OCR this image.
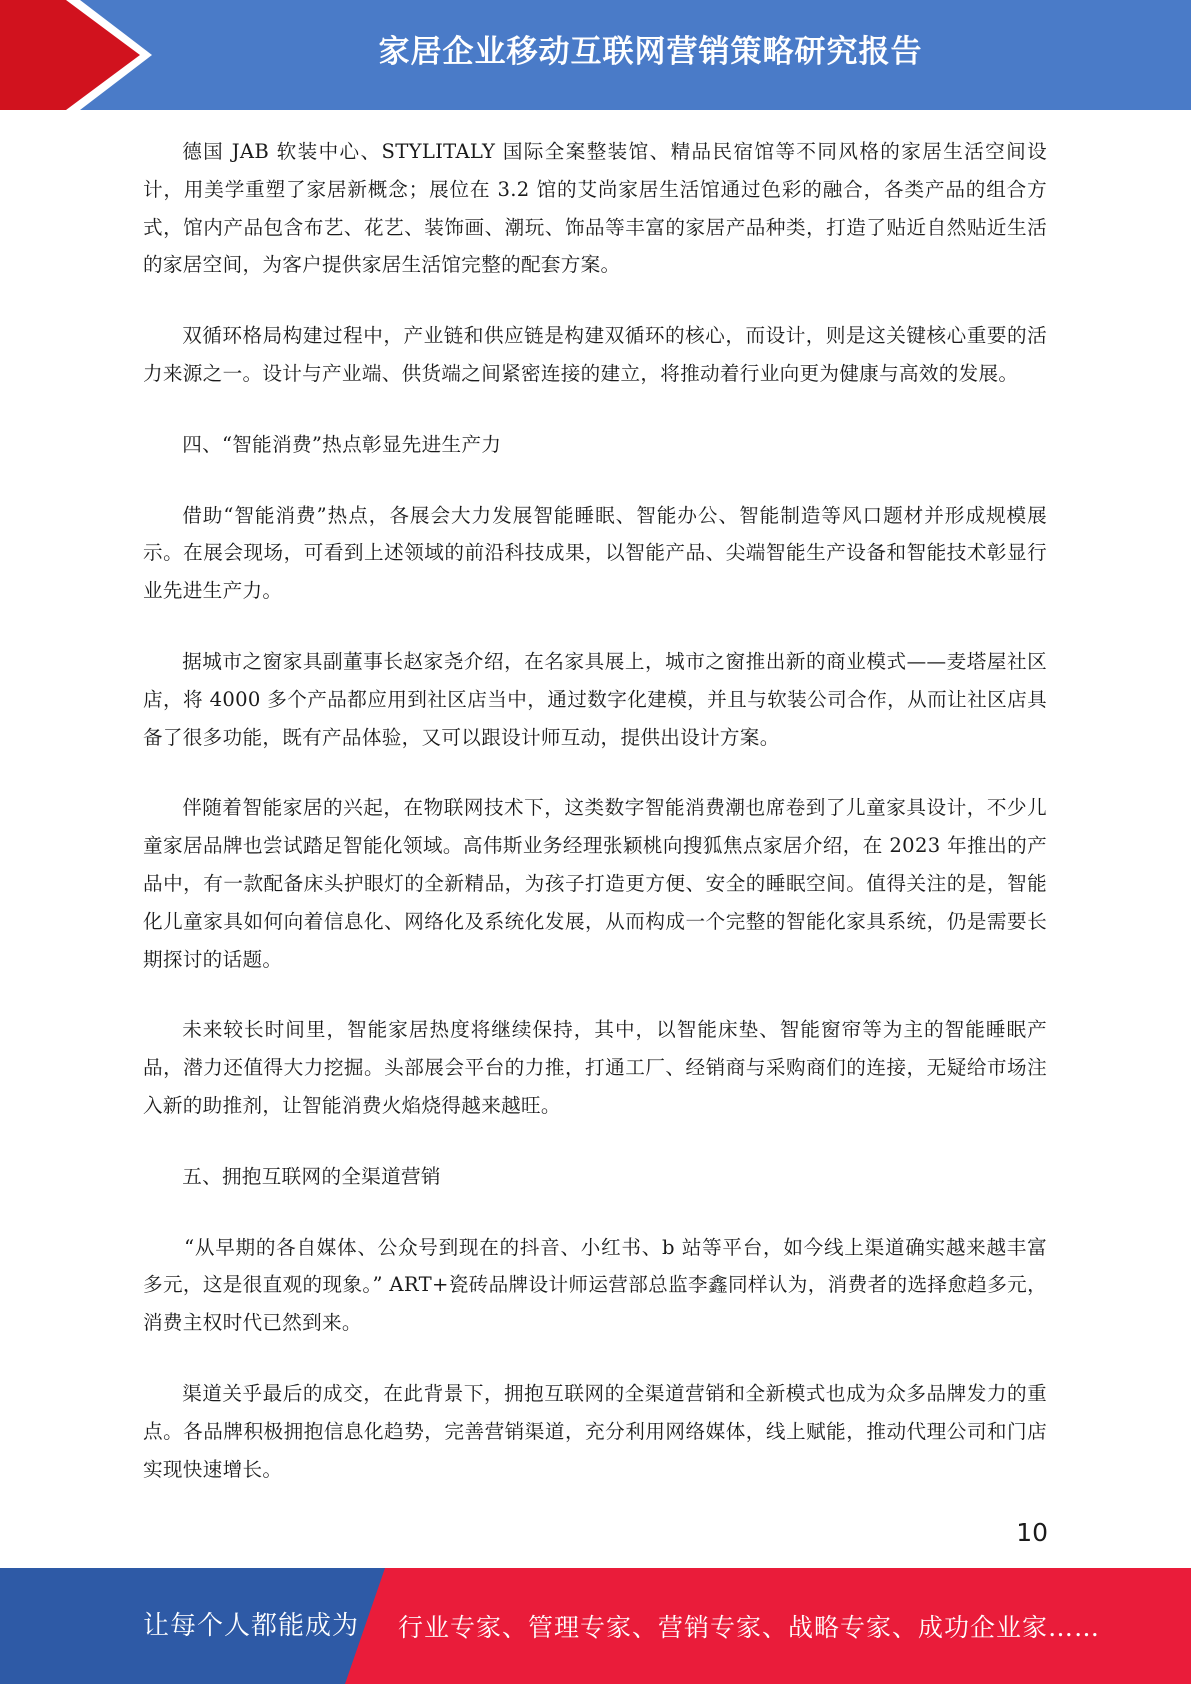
家居企业移动互联网营销策略研究报告

德国 JAB 软装中心、STYLITALY 国际全案整装馆、精品民宿馆等不同风格的家居生活空间设计，用美学重塑了家居新概念；展位在 3.2 馆的艾尚家居生活馆通过色彩的融合，各类产品的组合方式，馆内产品包含布艺、花艺、装饰画、潮玩、饰品等丰富的家居产品种类，打造了贴近自然贴近生活的家居空间，为客户提供家居生活馆完整的配套方案。

双循环格局构建过程中，产业链和供应链是构建双循环的核心，而设计，则是这关键核心重要的活力来源之一。设计与产业端、供货端之间紧密连接的建立，将推动着行业向更为健康与高效的发展。

四、“智能消费”热点彰显先进生产力

借助“智能消费”热点，各展会大力发展智能睡眠、智能办公、智能制造等风口题材并形成规模展示。在展会现场，可看到上述领域的前沿科技成果，以智能产品、尖端智能生产设备和智能技术彰显行业先进生产力。

据城市之窗家具副董事长赵家尧介绍，在名家具展上，城市之窗推出新的商业模式——麦塔屋社区店，将 4000 多个产品都应用到社区店当中，通过数字化建模，并且与软装公司合作，从而让社区店具备了很多功能，既有产品体验，又可以跟设计师互动，提供出设计方案。

伴随着智能家居的兴起，在物联网技术下，这类数字智能消费潮也席卷到了儿童家具设计，不少儿童家居品牌也尝试踏足智能化领域。高伟斯业务经理张颖桃向搜狐焦点家居介绍，在 2023 年推出的产品中，有一款配备床头护眼灯的全新精品，为孩子打造更方便、安全的睡眠空间。值得关注的是，智能化儿童家具如何向着信息化、网络化及系统化发展，从而构成一个完整的智能化家具系统，仍是需要长期探讨的话题。

未来较长时间里，智能家居热度将继续保持，其中，以智能床垫、智能窗帘等为主的智能睡眠产品，潜力还值得大力挖掘。头部展会平台的力推，打通工厂、经销商与采购商们的连接，无疑给市场注入新的助推剂，让智能消费火焰烧得越来越旺。

五、拥抱互联网的全渠道营销

“从早期的各自媒体、公众号到现在的抖音、小红书、b 站等平台，如今线上渠道确实越来越丰富多元，这是很直观的现象。” ART+瓷砖品牌设计师运营部总监李鑫同样认为，消费者的选择愈趋多元，消费主权时代已然到来。

渠道关乎最后的成交，在此背景下，拥抱互联网的全渠道营销和全新模式也成为众多品牌发力的重点。各品牌积极拥抱信息化趋势，完善营销渠道，充分利用网络媒体，线上赋能，推动代理公司和门店实现快速增长。

10
让每个人都能成为 行业专家、管理专家、营销专家、战略专家、成功企业家……
